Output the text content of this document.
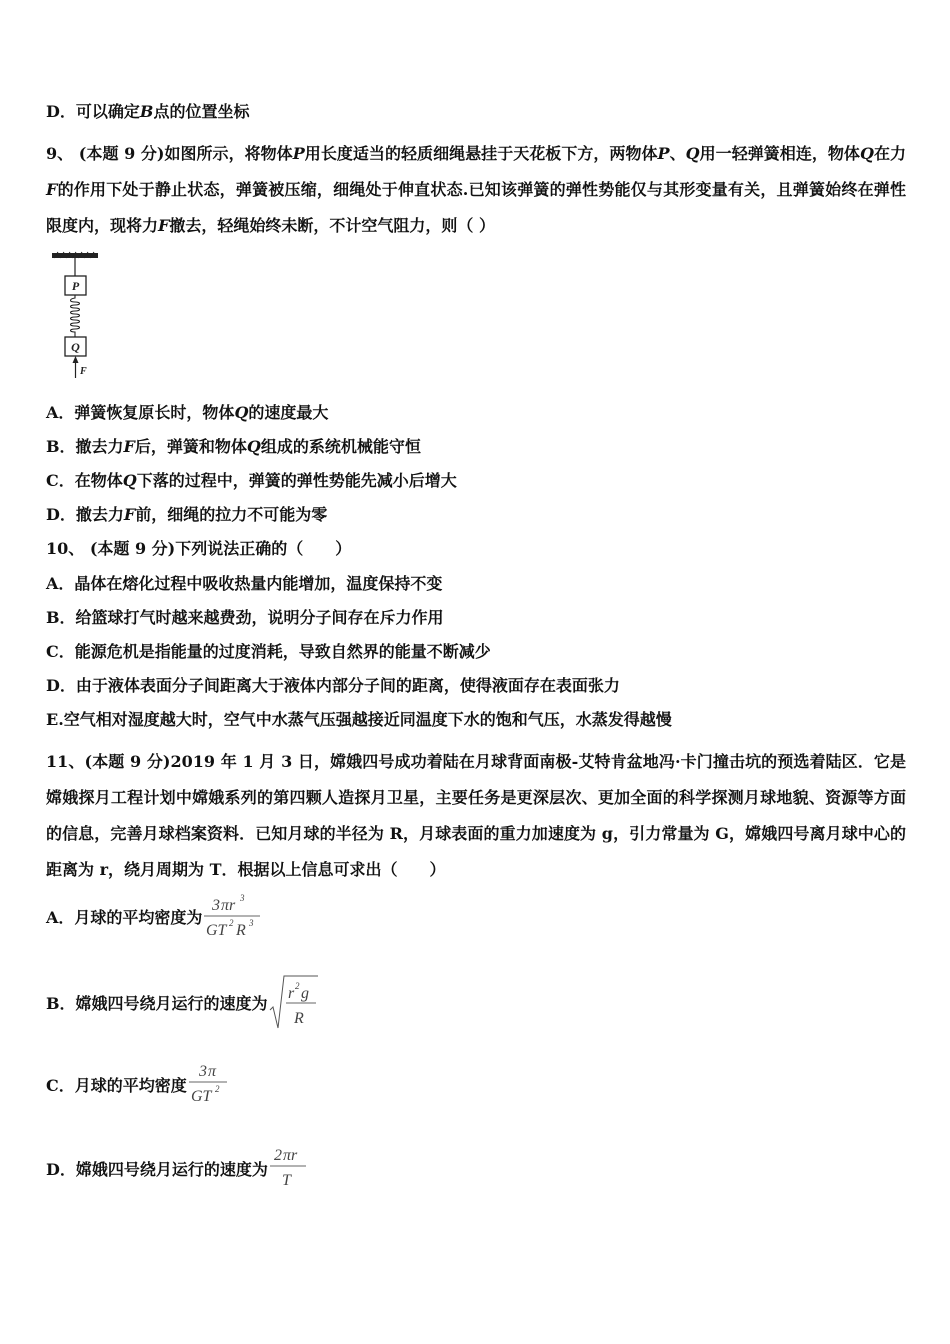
D．可以确定B点的位置坐标
9、 (本题 9 分)如图所示，将物体P用长度适当的轻质细绳悬挂于天花板下方，两物体P、Q用一轻弹簧相连，物体Q在力F的作用下处于静止状态，弹簧被压缩，细绳处于伸直状态.已知该弹簧的弹性势能仅与其形变量有关，且弹簧始终在弹性限度内，现将力F撤去，轻绳始终未断，不计空气阻力，则（ ）
P
Q
F
A．弹簧恢复原长时，物体Q的速度最大
B．撤去力F后，弹簧和物体Q组成的系统机械能守恒
C．在物体Q下落的过程中，弹簧的弹性势能先减小后增大
D．撤去力F前，细绳的拉力不可能为零
10、 (本题 9 分)下列说法正确的（　　）
A．晶体在熔化过程中吸收热量内能增加，温度保持不变
B．给篮球打气时越来越费劲，说明分子间存在斥力作用
C．能源危机是指能量的过度消耗，导致自然界的能量不断减少
D．由于液体表面分子间距离大于液体内部分子间的距离，使得液面存在表面张力
E.空气相对湿度越大时，空气中水蒸气压强越接近同温度下水的饱和气压，水蒸发得越慢
11、(本题 9 分)2019 年 1 月 3 日，嫦娥四号成功着陆在月球背面南极-艾特肯盆地冯·卡门撞击坑的预选着陆区．它是嫦娥探月工程计划中嫦娥系列的第四颗人造探月卫星，主要任务是更深层次、更加全面的科学探测月球地貌、资源等方面的信息，完善月球档案资料．已知月球的半径为 R，月球表面的重力加速度为 g，引力常量为 G，嫦娥四号离月球中心的距离为 r，绕月周期为 T．根据以上信息可求出（　　）
A． 月球的平均密度为
3 πr 3
GT 2 R 3
B． 嫦娥四号绕月运行的速度为 r 2 g
R
C． 月球的平均密度
3 π
GT 2
D． 嫦娥四号绕月运行的速度为
2 πr
T
